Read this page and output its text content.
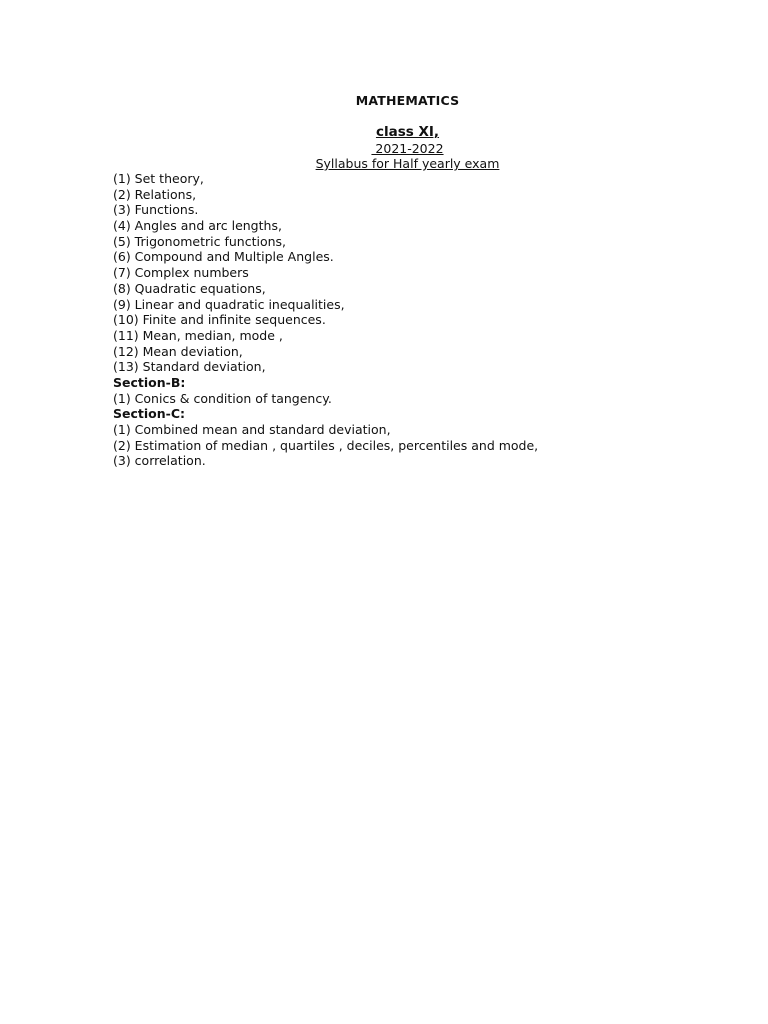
MATHEMATICS
class XI,
2021-2022
Syllabus for Half yearly exam
(1) Set theory,
(2) Relations,
(3) Functions.
(4) Angles and arc lengths,
(5) Trigonometric functions,
(6) Compound and Multiple Angles.
(7) Complex numbers
(8) Quadratic equations,
(9) Linear and quadratic inequalities,
(10) Finite and infinite sequences.
(11) Mean, median, mode ,
(12) Mean deviation,
(13) Standard deviation,
Section-B:
(1) Conics & condition of tangency.
Section-C:
(1) Combined mean and standard deviation,
(2) Estimation of median , quartiles , deciles, percentiles and mode,
(3) correlation.
